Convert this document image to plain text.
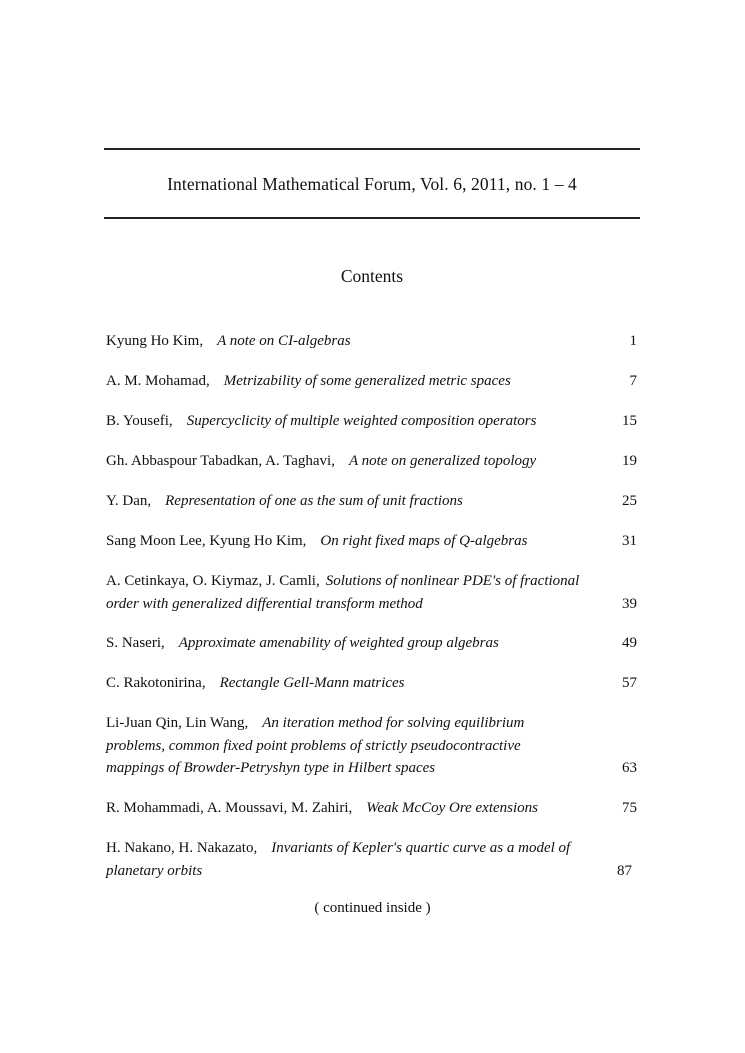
International Mathematical Forum, Vol. 6, 2011, no. 1 – 4
Contents
Kyung Ho Kim, A note on CI-algebras	1
A. M. Mohamad, Metrizability of some generalized metric spaces	7
B. Yousefi, Supercyclicity of multiple weighted composition operators	15
Gh. Abbaspour Tabadkan, A. Taghavi, A note on generalized topology	19
Y. Dan, Representation of one as the sum of unit fractions	25
Sang Moon Lee, Kyung Ho Kim, On right fixed maps of Q-algebras	31
A. Cetinkaya, O. Kiymaz, J. Camli, Solutions of nonlinear PDE's of fractional
order with generalized differential transform method	39
S. Naseri, Approximate amenability of weighted group algebras	49
C. Rakotonirina, Rectangle Gell-Mann matrices	57
Li-Juan Qin, Lin Wang, An iteration method for solving equilibrium
problems, common fixed point problems of strictly pseudocontractive
mappings of Browder-Petryshyn type in Hilbert spaces	63
R. Mohammadi, A. Moussavi, M. Zahiri, Weak McCoy Ore extensions	75
H. Nakano, H. Nakazato, Invariants of Kepler's quartic curve as a model of
planetary orbits	87
( continued inside )
